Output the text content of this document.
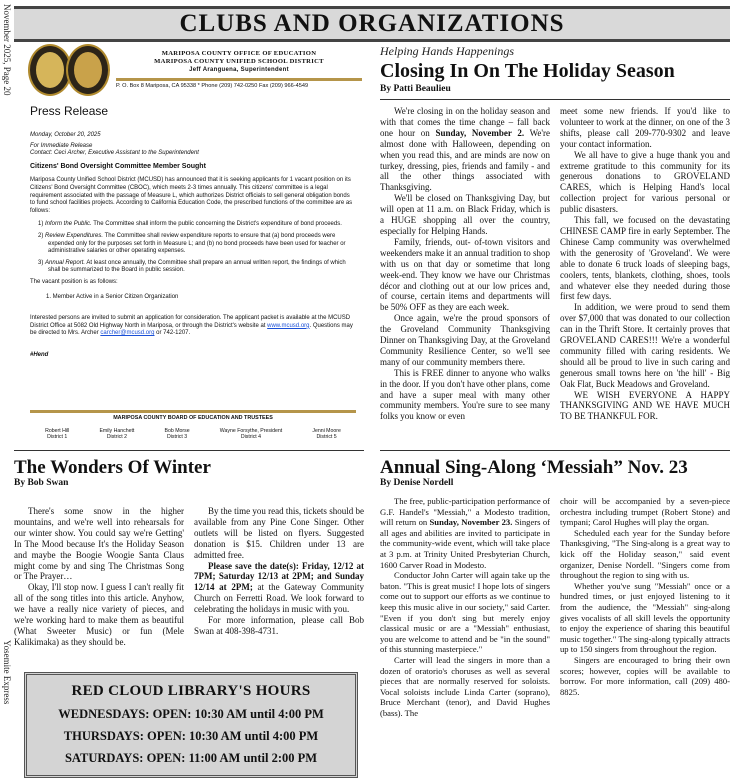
November 2025, Page 20
Yosemite Express
CLUBS AND ORGANIZATIONS
MARIPOSA COUNTY OFFICE OF EDUCATION
MARIPOSA COUNTY UNIFIED SCHOOL DISTRICT
Jeff Aranguena, Superintendent
P. O. Box 8 Mariposa, CA 95338 * Phone (209) 742-0250 Fax (209) 966-4549
Press Release

Monday, October 20, 2025

For Immediate Release

Contact: Ceci Archer, Executive Assistant to the Superintendent

Citizens' Bond Oversight Committee Member Sought

Mariposa County Unified School District (MCUSD) has announced that it is seeking applicants for 1 vacant position on its Citizens' Bond Oversight Committee (CBOC), which meets 2-3 times annually. This citizens' committee is a legal requirement associated with the passage of Measure L, which authorizes District officials to sell general obligation bonds to fund school facilities projects. According to California Education Code, the prescribed functions of the committee are as follows:

1) Inform the Public. The Committee shall inform the public concerning the District's expenditure of bond proceeds.
2) Review Expenditures. The Committee shall review expenditure reports to ensure that (a) bond proceeds were expended only for the purposes set forth in Measure L; and (b) no bond proceeds have been used for teacher or administrative salaries or other operating expenses.
3) Annual Report. At least once annually, the Committee shall prepare an annual written report, the findings of which shall be summarized to the Board in public session.

The vacant position is as follows:

1. Member Active in a Senior Citizen Organization

Interested persons are invited to submit an application for consideration. The applicant packet is available at the MCUSD District Office at 5082 Old Highway North in Mariposa, or through the District's website at www.mcusd.org. Questions may be directed to Mrs. Archer carcher@mcusd.org or 742-1207.

#Hend

MARIPOSA COUNTY BOARD OF EDUCATION AND TRUSTEES
Robert Hill
District 1
Emily Hanchett
District 2
Bob Morse
District 3
Wayne Forsythe, President
District 4
Jenni Moore
District 5
Helping Hands Happenings
Closing In On The Holiday Season
By Patti Beaulieu

We're closing in on the holiday season and with that comes the time change – fall back one hour on Sunday, November 2. We're almost done with Halloween, depending on when you read this, and are minds are now on turkey, dressing, pies, friends and family - and all the other things associated with Thanksgiving.

We'll be closed on Thanksgiving Day, but will open at 11 a.m. on Black Friday, which is a HUGE shopping all over the country, especially for Helping Hands.

Family, friends, out- of-town visitors and weekenders make it an annual tradition to shop with us on that day or sometime that long week-end. They know we have our Christmas décor and clothing out at our low prices and, of course, certain items and departments will be 50% OFF as they are each week.

Once again, we're the proud sponsors of the Groveland Community Thanksgiving Dinner on Thanksgiving Day, at the Groveland Community Resilience Center, so we'll see many of our community members there.

This is FREE dinner to anyone who walks in the door. If you don't have other plans, come and have a super meal with many other community members. You're sure to see many folks you know or even

meet some new friends. If you'd like to volunteer to work at the dinner, on one of the 3 shifts, please call 209-770-9302 and leave your contact information.

We all have to give a huge thank you and extreme gratitude to this community for its generous donations to GROVELAND CARES, which is Helping Hand's local collection project for various personal or public disasters.

This fall, we focused on the devastating CHINESE CAMP fire in early September. The Chinese Camp community was overwhelmed with the generosity of 'Groveland'. We were able to donate 6 truck loads of sleeping bags, coolers, tents, blankets, clothing, shoes, tools and whatever else they needed during those first few days.

In addition, we were proud to send them over $7,000 that was donated to our collection can in the Thrift Store. It certainly proves that GROVELAND CARES!!! We're a wonderful community filled with caring residents. We should all be proud to live in such caring and generous small towns here on 'the hill' - Big Oak Flat, Buck Meadows and Groveland.

WE WISH EVERYONE A HAPPY THANKSGIVING AND WE HAVE MUCH TO BE THANKFUL FOR.

The Wonders Of Winter
By Bob Swan

There's some snow in the higher mountains, and we're well into rehearsals for our winter show. You could say we're Getting' In The Mood because It's the Holiday Season and maybe the Boogie Woogie Santa Claus might come by and sing The Christmas Song or The Prayer…

Okay, I'll stop now. I guess I can't really fit all of the song titles into this article. Anyhow, we have a really nice variety of pieces, and we're working hard to make them as beautiful (What Sweeter Music) or fun (Mele Kalikimaka) as they should be.

By the time you read this, tickets should be available from any Pine Cone Singer. Other outlets will be listed on flyers. Suggested donation is $15. Children under 13 are admitted free.

Please save the date(s): Friday, 12/12 at 7PM; Saturday 12/13 at 2PM; and Sunday 12/14 at 2PM; at the Gateway Community Church on Ferretti Road. We look forward to celebrating the holidays in music with you.

For more information, please call Bob Swan at 408-398-4731.

Annual Sing-Along ‘Messiah” Nov. 23
By Denise Nordell

The free, public-participation performance of G.F. Handel's "Messiah," a Modesto tradition, will return on Sunday, November 23. Singers of all ages and abilities are invited to participate in the community-wide event, which will take place at 3 p.m. at Trinity United Presbyterian Church, 1600 Carver Road in Modesto.

Conductor John Carter will again take up the baton. "This is great music! I hope lots of singers come out to support our efforts as we continue to keep this music alive in our society," said Carter. "Even if you don't sing but merely enjoy classical music or are a "Messiah" enthusiast, you are welcome to attend and be "in the sound" of this stunning masterpiece."

Carter will lead the singers in more than a dozen of oratorio's choruses as well as several pieces that are normally reserved for soloists. Vocal soloists include Linda Carter (soprano), Bruce Merchant (tenor), and David Hughes (bass). The

choir will be accompanied by a seven-piece orchestra including trumpet (Robert Stone) and tympani; Carol Hughes will play the organ.

Scheduled each year for the Sunday before Thanksgiving, "The Sing-along is a great way to kick off the Holiday season," said event organizer, Denise Nordell. "Singers come from throughout the region to sing with us.

Whether you've sung "Messiah" once or a hundred times, or just enjoyed listening to it from the audience, the "Messiah" sing-along gives vocalists of all skill levels the opportunity to enjoy the experience of sharing this beautiful music together." The sing-along typically attracts up to 150 singers from throughout the region.

Singers are encouraged to bring their own scores; however, copies will be available to borrow. For more information, call (209) 480-8825.

RED CLOUD LIBRARY'S HOURS
WEDNESDAYS: OPEN: 10:30 AM until 4:00 PM
THURSDAYS: OPEN: 10:30 AM until 4:00 PM
SATURDAYS: OPEN: 11:00 AM until 2:00 PM
